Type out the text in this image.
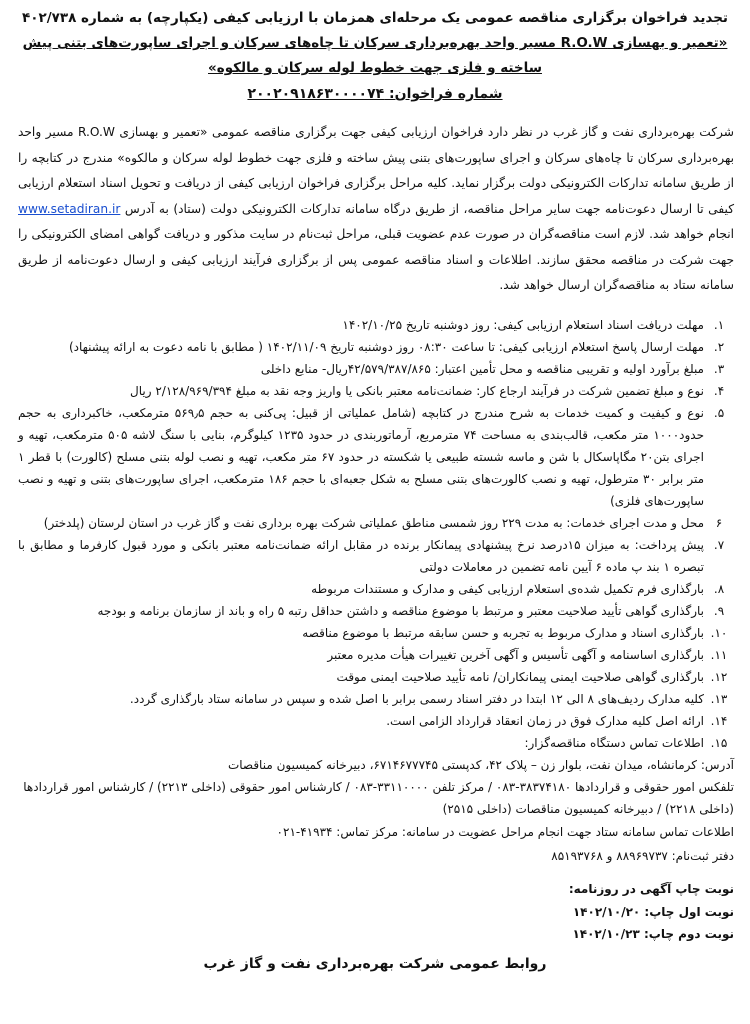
تجدید فراخوان برگزاری مناقصه عمومی یک مرحله‌ای همزمان با ارزیابی کیفی (یکپارچه) به شماره ۴۰۲/۷۳۸
«تعمیر و بهسازی R.O.W مسیر واحد بهره‌برداری سرکان تا چاه‌های سرکان و اجرای ساپورت‌های بتنی پیش ساخته و فلزی جهت خطوط لوله سرکان و مالکوه»
شماره فراخوان: ۲۰۰۲۰۹۱۸۶۳۰۰۰۰۷۴
شرکت بهره‌برداری نفت و گاز غرب در نظر دارد فراخوان ارزیابی کیفی جهت برگزاری مناقصه عمومی «تعمیر و بهسازی R.O.W مسیر واحد بهره‌برداری سرکان تا چاه‌های سرکان و اجرای ساپورت‌های بتنی پیش ساخته و فلزی جهت خطوط لوله سرکان و مالکوه» مندرج در کتابچه را از طریق سامانه تدارکات الکترونیکی دولت برگزار نماید. کلیه مراحل برگزاری فراخوان ارزیابی کیفی از دریافت و تحویل اسناد استعلام ارزیابی کیفی تا ارسال دعوت‌نامه جهت سایر مراحل مناقصه، از طریق درگاه سامانه تدارکات الکترونیکی دولت (ستاد) به آدرس www.setadiran.ir انجام خواهد شد. لازم است مناقصه‌گران در صورت عدم عضویت قبلی، مراحل ثبت‌نام در سایت مذکور و دریافت گواهی امضای الکترونیکی را جهت شرکت در مناقصه محقق سازند. اطلاعات و اسناد مناقصه عمومی پس از برگزاری فرآیند ارزیابی کیفی و ارسال دعوت‌نامه از طریق سامانه ستاد به مناقصه‌گران ارسال خواهد شد.
۱.
مهلت دریافت اسناد استعلام ارزیابی کیفی: روز دوشنبه تاریخ ۱۴۰۲/۱۰/۲۵
۲.
مهلت ارسال پاسخ استعلام ارزیابی کیفی: تا ساعت ۰۸:۳۰ روز دوشنبه تاریخ ۱۴۰۲/۱۱/۰۹ ( مطابق با نامه دعوت به ارائه پیشنهاد)
۳.
مبلغ برآورد اولیه و تقریبی مناقصه و محل تأمین اعتبار: ۴۲/۵۷۹/۳۸۷/۸۶۵ریال- منابع داخلی
۴.
نوع و مبلغ تضمین شرکت در فرآیند ارجاع کار: ضمانت‌نامه معتبر بانکی یا واریز وجه نقد به مبلغ ۲/۱۲۸/۹۶۹/۳۹۴ ریال
۵.
نوع و کیفیت و کمیت خدمات به شرح مندرج در کتابچه (شامل عملیاتی از قبیل: پی‌کنی به حجم ۵۶۹٫۵ مترمکعب، خاکبرداری به حجم حدود۱۰۰۰ متر مکعب، قالب‌بندی به مساحت ۷۴ مترمربع، آرماتوربندی در حدود ۱۲۳۵ کیلوگرم، بنایی با سنگ لاشه ۵۰۵ مترمکعب، تهیه و اجرای بتن۲۰ مگاپاسکال با شن و ماسه شسته طبیعی یا شکسته در حدود ۶۷ متر مکعب، تهیه و نصب لوله بتنی مسلح (کالورت) با قطر ۱ متر برابر ۳۰ مترطول، تهیه و نصب کالورت‌های بتنی مسلح به شکل جعبه‌ای با حجم ۱۸۶ مترمکعب، اجرای ساپورت‌های بتنی و تهیه و نصب ساپورت‌های فلزی)
۶
محل و مدت اجرای خدمات: به مدت ۲۲۹ روز شمسی مناطق عملیاتی شرکت بهره برداری نفت و گاز غرب در استان لرستان (پلدختر)
۷.
پیش پرداخت: به میزان ۱۵درصد نرخ پیشنهادی پیمانکار برنده در مقابل ارائه ضمانت‌نامه معتبر بانکی و مورد قبول کارفرما و مطابق با تبصره ۱ بند پ ماده ۶ آیین نامه تضمین در معاملات دولتی
۸.
بارگذاری فرم تکمیل شده‌ی استعلام ارزیابی کیفی و مدارک و مستندات مربوطه
۹.
بارگذاری گواهی تأیید صلاحیت معتبر و مرتبط با موضوع مناقصه و داشتن حداقل رتبه ۵ راه و باند از سازمان برنامه و بودجه
۱۰.
بارگذاری اسناد و مدارک مربوط به تجربه و حسن سابقه مرتبط با موضوع مناقصه
۱۱.
بارگذاری اساسنامه و آگهی تأسیس و آگهی آخرین تغییرات هیأت مدیره معتبر
۱۲.
بارگذاری گواهی صلاحیت ایمنی پیمانکاران/ نامه تأیید صلاحیت ایمنی موقت
۱۳.
کلیه مدارک ردیف‌های ۸ الی ۱۲ ابتدا در دفتر اسناد رسمی برابر با اصل شده و سپس در سامانه ستاد بارگذاری گردد.
۱۴.
ارائه اصل کلیه مدارک فوق در زمان انعقاد قرارداد الزامی است.
۱۵.
اطلاعات تماس دستگاه مناقصه‌گزار:
آدرس: کرمانشاه، میدان نفت، بلوار زن – پلاک ۴۲، کدپستی ۶۷۱۴۶۷۷۷۴۵، دبیرخانه کمیسیون مناقصات
تلفکس امور حقوقی و قراردادها ۳۸۳۷۴۱۸۰-۰۸۳ / مرکز تلفن ۳۳۱۱۰۰۰۰-۰۸۳ / کارشناس امور حقوقی (داخلی ۲۲۱۳) / کارشناس امور قراردادها (داخلی ۲۲۱۸) / دبیرخانه کمیسیون مناقصات (داخلی ۲۵۱۵)
اطلاعات تماس سامانه ستاد جهت انجام مراحل عضویت در سامانه: مرکز تماس: ۴۱۹۳۴-۰۲۱
دفتر ثبت‌نام: ۸۸۹۶۹۷۳۷ و ۸۵۱۹۳۷۶۸
نوبت چاپ آگهی در روزنامه:
نوبت اول چاپ: ۱۴۰۲/۱۰/۲۰
نوبت دوم چاپ: ۱۴۰۲/۱۰/۲۳
روابط عمومی شرکت بهره‌برداری نفت و گاز غرب
